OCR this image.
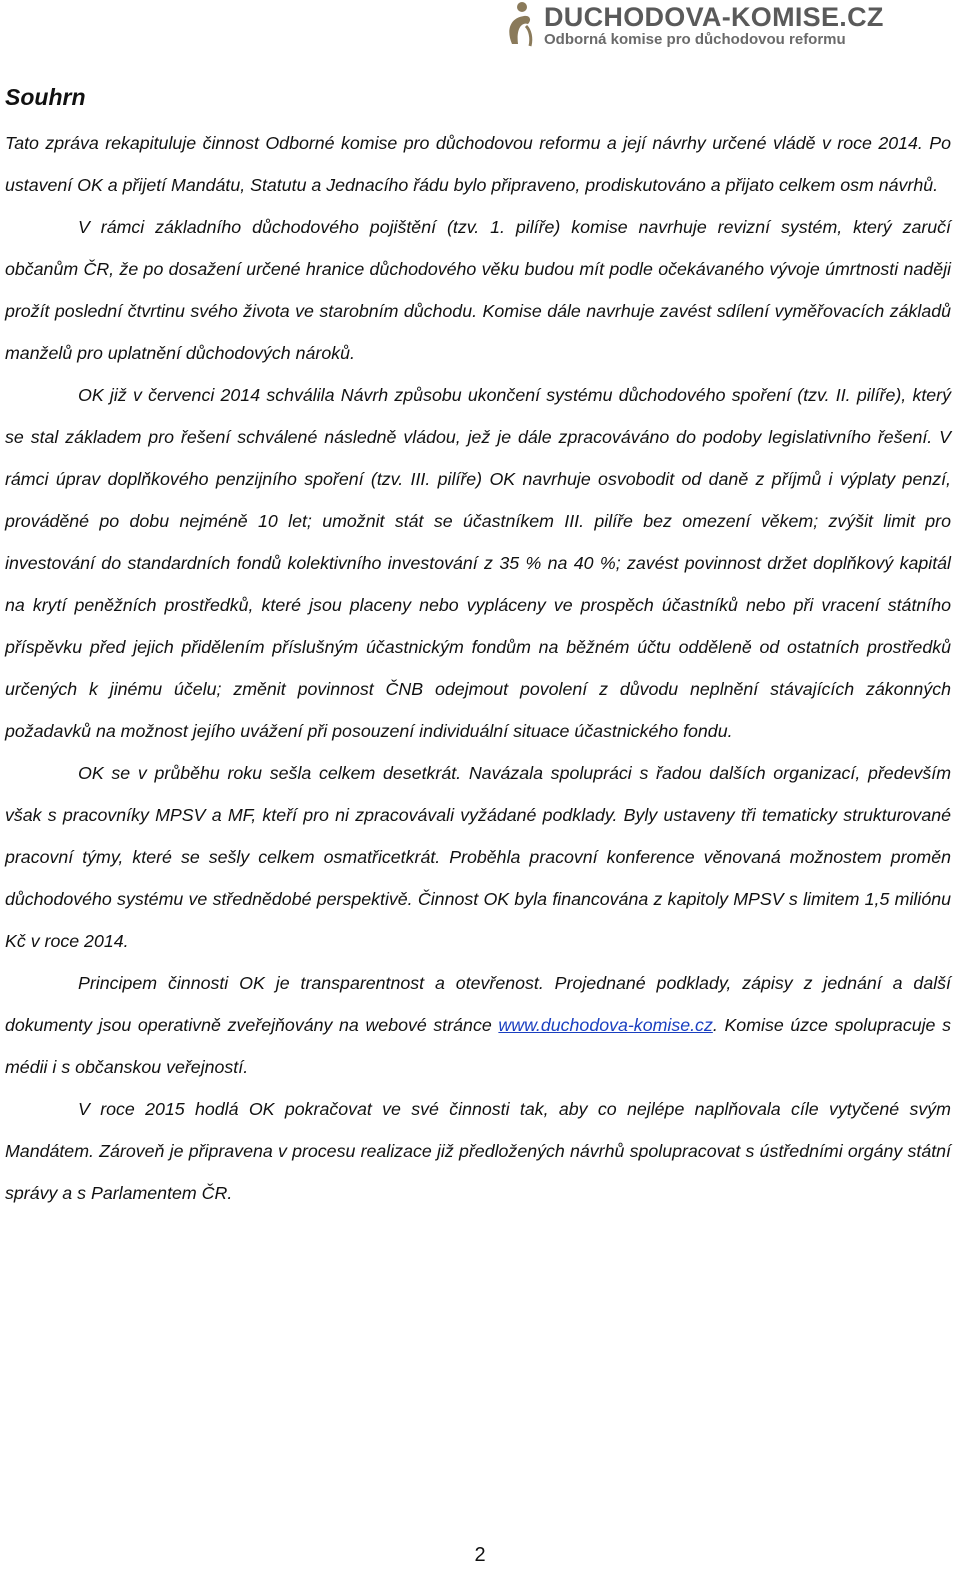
DUCHODOVA-KOMISE.CZ
Odborná komise pro důchodovou reformu
Souhrn

Tato zpráva rekapituluje činnost Odborné komise pro důchodovou reformu a její návrhy určené vládě v roce 2014. Po ustavení OK a přijetí Mandátu, Statutu a Jednacího řádu bylo připraveno, prodiskutováno a přijato celkem osm návrhů.

V rámci základního důchodového pojištění (tzv. 1. pilíře) komise navrhuje revizní systém, který zaručí občanům ČR, že po dosažení určené hranice důchodového věku budou mít podle očekávaného vývoje úmrtnosti naději prožít poslední čtvrtinu svého života ve starobním důchodu. Komise dále navrhuje zavést sdílení vyměřovacích základů manželů pro uplatnění důchodových nároků.

OK již v červenci 2014 schválila Návrh způsobu ukončení systému důchodového spoření (tzv. II. pilíře), který se stal základem pro řešení schválené následně vládou, jež je dále zpracováváno do podoby legislativního řešení. V rámci úprav doplňkového penzijního spoření (tzv. III. pilíře) OK navrhuje osvobodit od daně z příjmů i výplaty penzí, prováděné po dobu nejméně 10 let; umožnit stát se účastníkem III. pilíře bez omezení věkem; zvýšit limit pro investování do standardních fondů kolektivního investování z 35 % na 40 %; zavést povinnost držet doplňkový kapitál na krytí peněžních prostředků, které jsou placeny nebo vypláceny ve prospěch účastníků nebo při vracení státního příspěvku před jejich přidělením příslušným účastnickým fondům na běžném účtu odděleně od ostatních prostředků určených k jinému účelu; změnit povinnost ČNB odejmout povolení z důvodu neplnění stávajících zákonných požadavků na možnost jejího uvážení při posouzení individuální situace účastnického fondu.

OK se v průběhu roku sešla celkem desetkrát. Navázala spolupráci s řadou dalších organizací, především však s pracovníky MPSV a MF, kteří pro ni zpracovávali vyžádané podklady. Byly ustaveny tři tematicky strukturované pracovní týmy, které se sešly celkem osmatřicetkrát. Proběhla pracovní konference věnovaná možnostem proměn důchodového systému ve střednědobé perspektivě. Činnost OK byla financována z kapitoly MPSV s limitem 1,5 miliónu Kč v roce 2014.

Principem činnosti OK je transparentnost a otevřenost. Projednané podklady, zápisy z jednání a další dokumenty jsou operativně zveřejňovány na webové stránce www.duchodova-komise.cz. Komise úzce spolupracuje s médii i s občanskou veřejností.

V roce 2015 hodlá OK pokračovat ve své činnosti tak, aby co nejlépe naplňovala cíle vytyčené svým Mandátem. Zároveň je připravena v procesu realizace již předložených návrhů spolupracovat s ústředními orgány státní správy a s Parlamentem ČR.

2
